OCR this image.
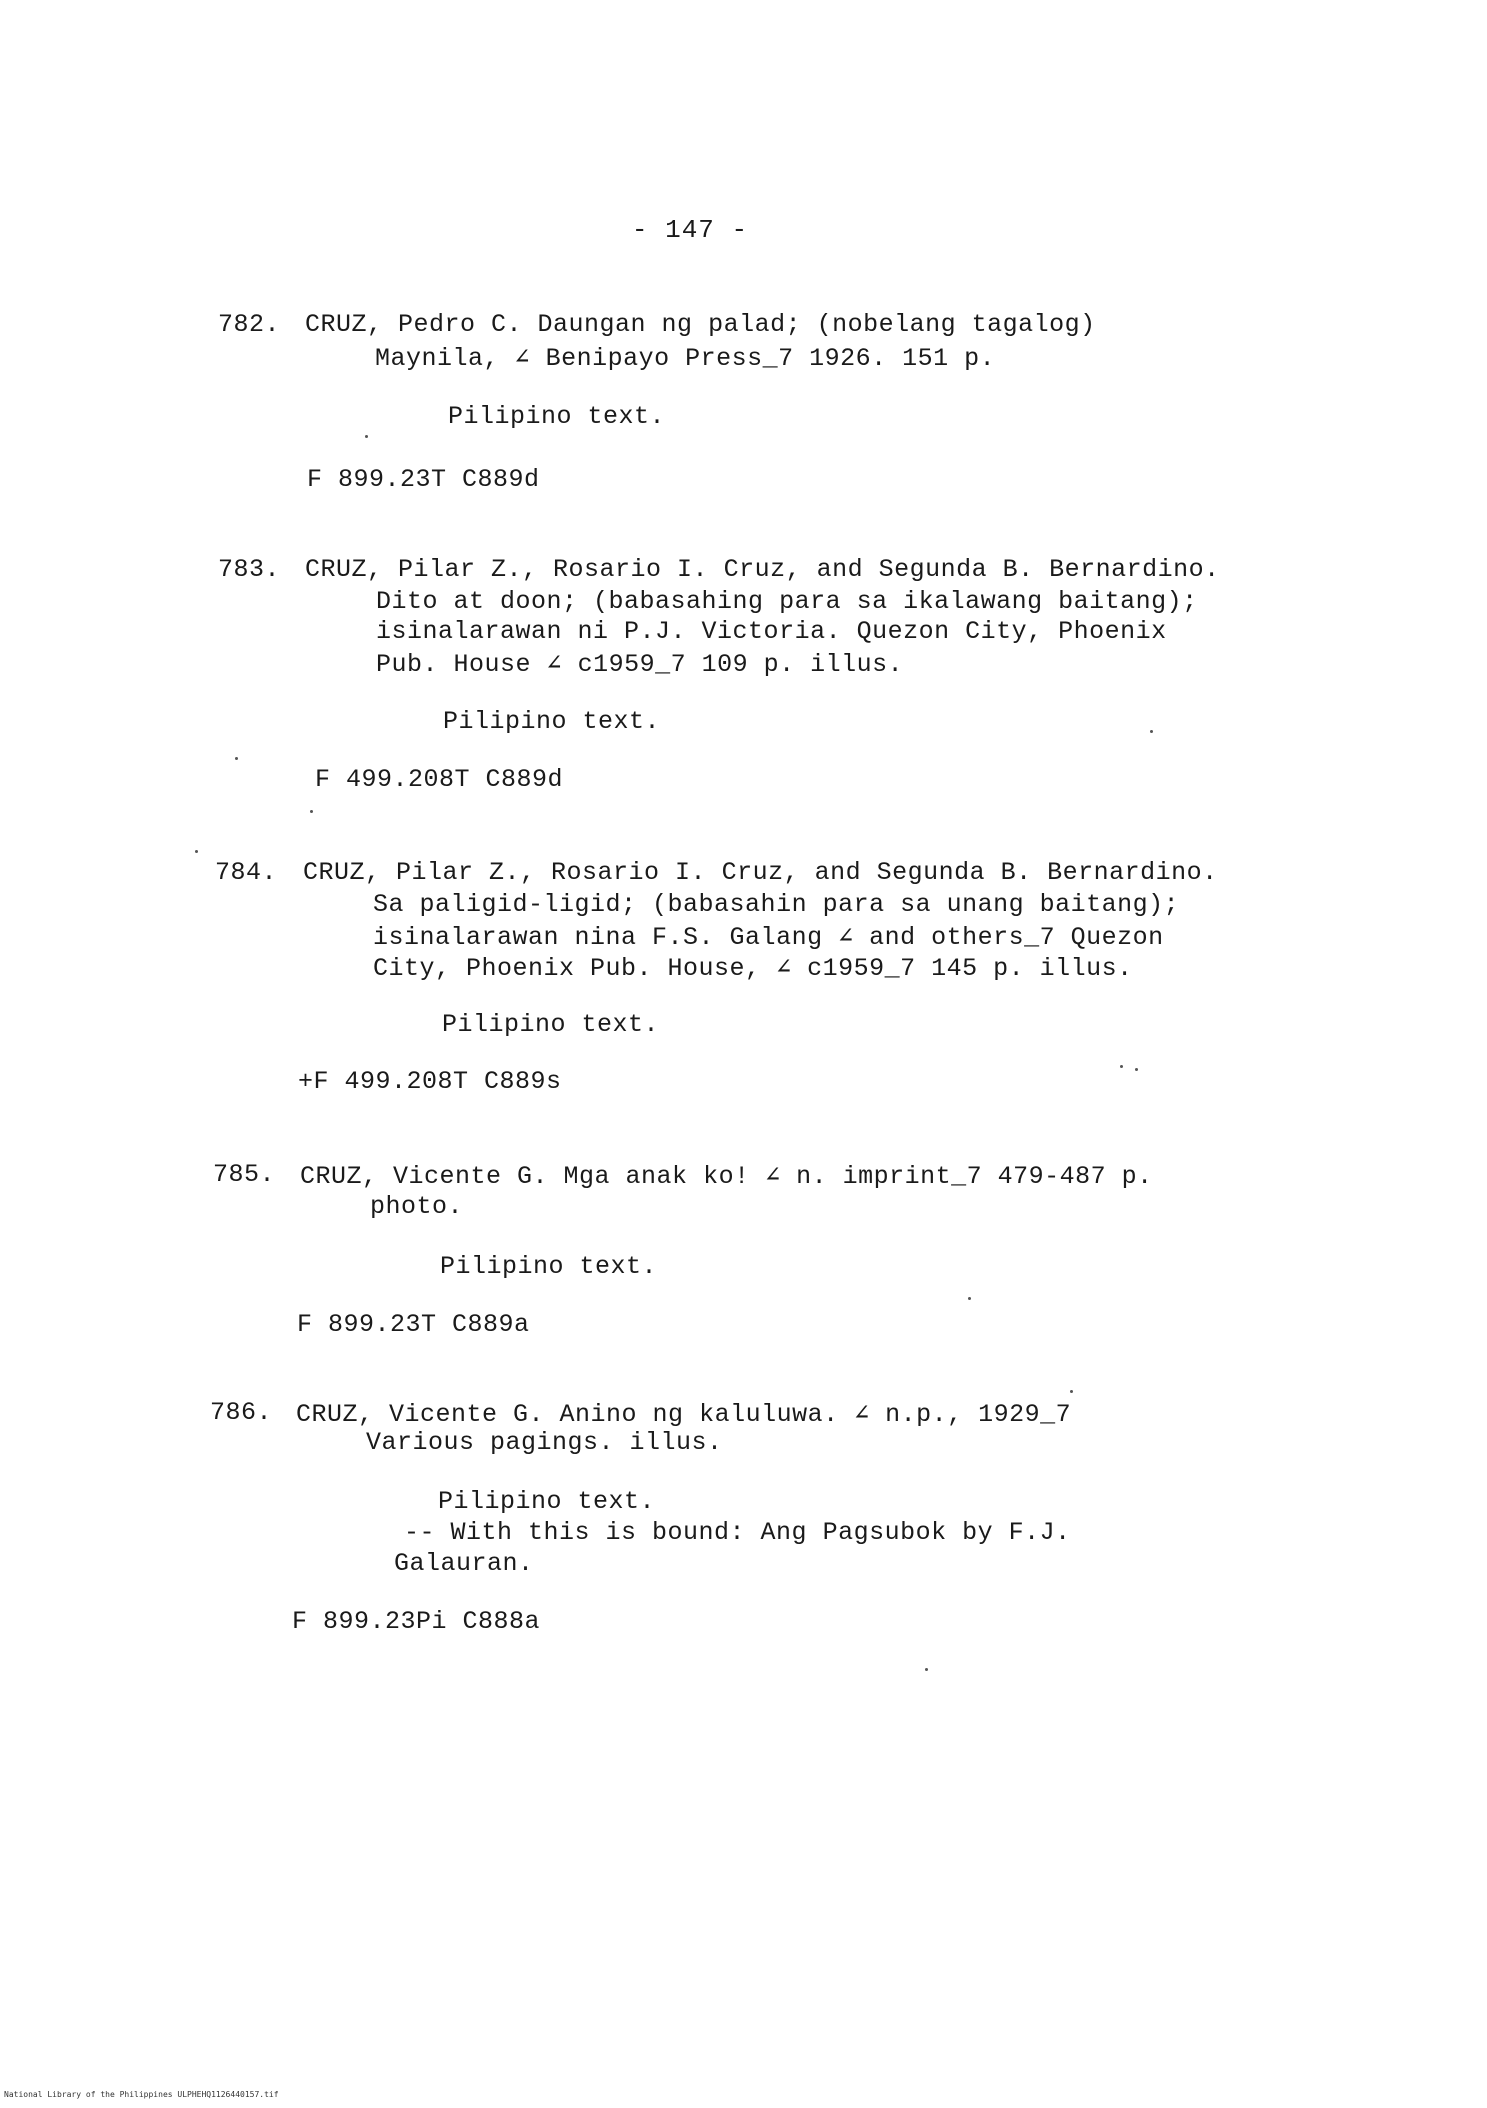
- 147 -
782. CRUZ, Pedro C. Daungan ng palad; (nobelang tagalog)
Maynila, ∠ Benipayo Press_7 1926. 151 p.
Pilipino text.
F 899.23T C889d
783. CRUZ, Pilar Z., Rosario I. Cruz, and Segunda B. Bernardino.
Dito at doon; (babasahing para sa ikalawang baitang);
isinalarawan ni P.J. Victoria. Quezon City, Phoenix
Pub. House ∠ c1959_7 109 p. illus.
Pilipino text.
F 499.208T C889d
784. CRUZ, Pilar Z., Rosario I. Cruz, and Segunda B. Bernardino.
Sa paligid-ligid; (babasahin para sa unang baitang);
isinalarawan nina F.S. Galang ∠ and others_7 Quezon
City, Phoenix Pub. House, ∠ c1959_7 145 p. illus.
Pilipino text.
+F 499.208T C889s
785. CRUZ, Vicente G. Mga anak ko! ∠ n. imprint_7 479-487 p.
photo.
Pilipino text.
F 899.23T C889a
786. CRUZ, Vicente G. Anino ng kaluluwa. ∠ n.p., 1929_7
Various pagings. illus.
Pilipino text.
-- With this is bound: Ang Pagsubok by F.J.
Galauran.
F 899.23Pi C888a
National Library of the Philippines ULPHEHQ1126440157.tif
